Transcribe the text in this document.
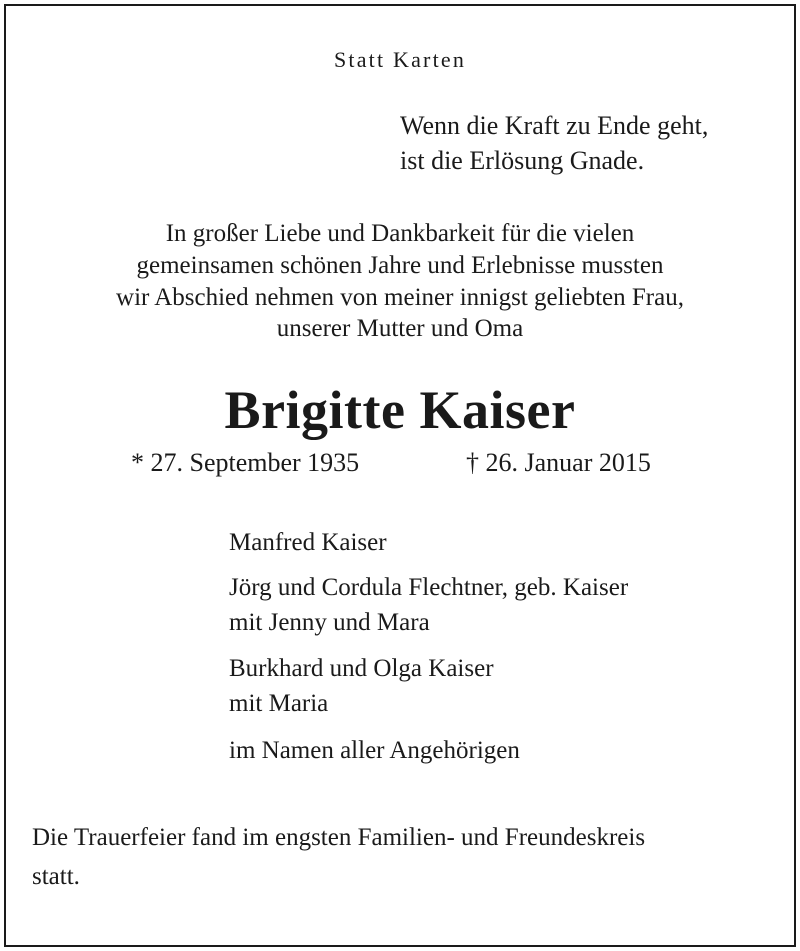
Statt Karten
Wenn die Kraft zu Ende geht,
ist die Erlösung Gnade.
In großer Liebe und Dankbarkeit für die vielen
gemeinsamen schönen Jahre und Erlebnisse mussten
wir Abschied nehmen von meiner innigst geliebten Frau,
unserer Mutter und Oma
Brigitte Kaiser
* 27. September 1935	† 26. Januar 2015
Manfred Kaiser
Jörg und Cordula Flechtner, geb. Kaiser
mit Jenny und Mara
Burkhard und Olga Kaiser
mit Maria
im Namen aller Angehörigen
Die Trauerfeier fand im engsten Familien- und Freundeskreis
statt.
